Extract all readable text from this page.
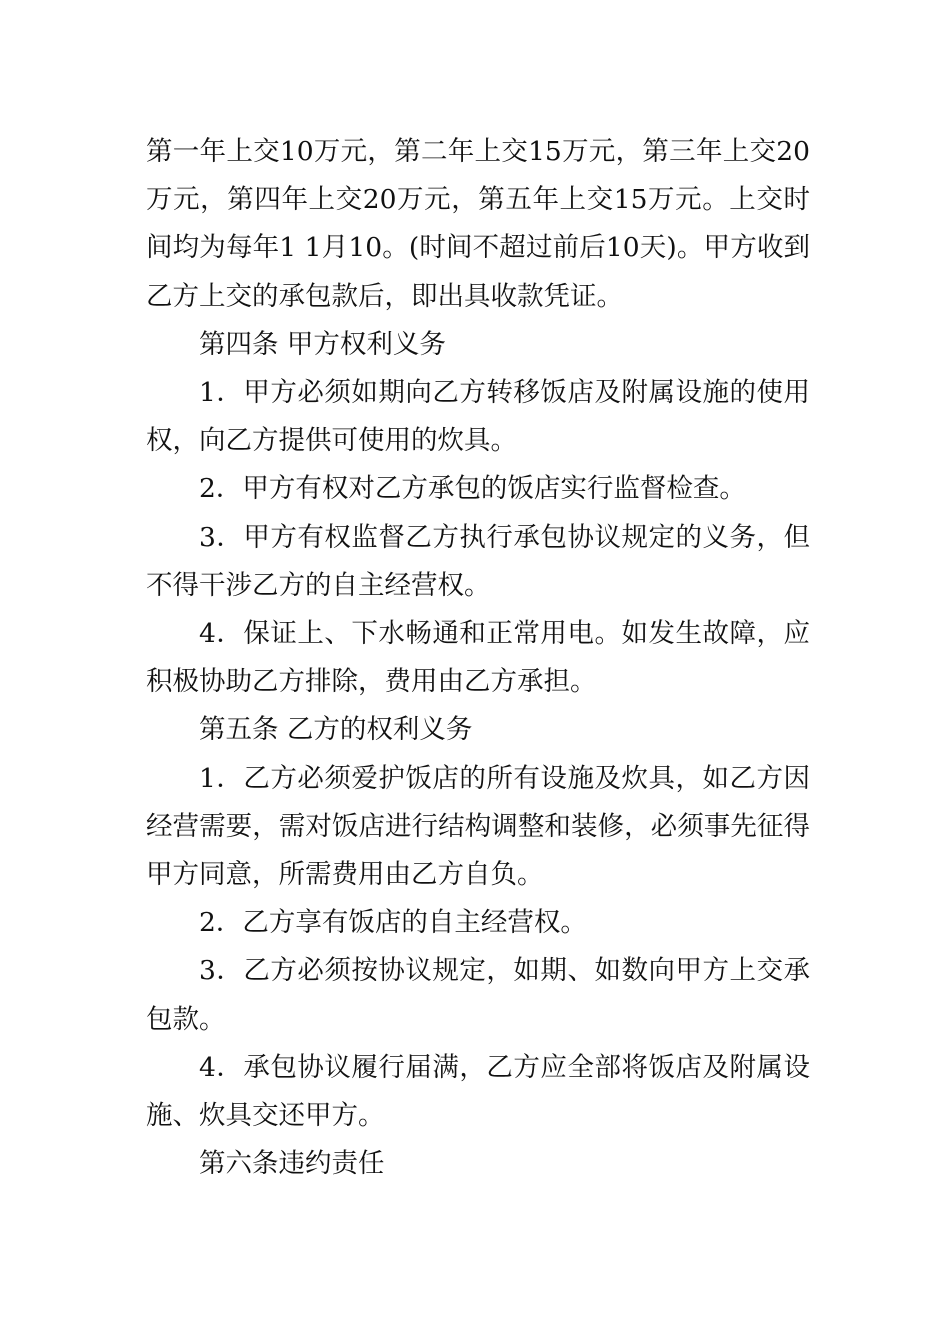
第一年上交10万元，第二年上交15万元，第三年上交20万元，第四年上交20万元，第五年上交15万元。上交时间均为每年1 1月10。(时间不超过前后10天)。甲方收到乙方上交的承包款后，即出具收款凭证。

第四条 甲方权利义务

1．甲方必须如期向乙方转移饭店及附属设施的使用权，向乙方提供可使用的炊具。

2．甲方有权对乙方承包的饭店实行监督检查。

3．甲方有权监督乙方执行承包协议规定的义务，但不得干涉乙方的自主经营权。

4．保证上、下水畅通和正常用电。如发生故障，应积极协助乙方排除，费用由乙方承担。

第五条 乙方的权利义务

1．乙方必须爱护饭店的所有设施及炊具，如乙方因经营需要，需对饭店进行结构调整和装修，必须事先征得甲方同意，所需费用由乙方自负。

2．乙方享有饭店的自主经营权。

3．乙方必须按协议规定，如期、如数向甲方上交承包款。

4．承包协议履行届满，乙方应全部将饭店及附属设施、炊具交还甲方。

第六条违约责任
